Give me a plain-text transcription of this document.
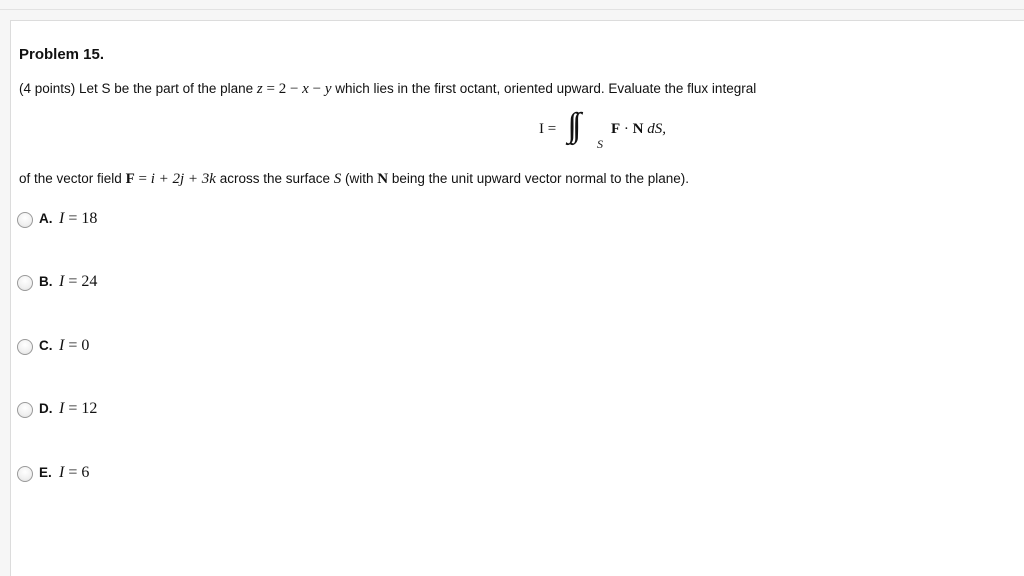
Problem 15.
(4 points) Let S be the part of the plane z = 2 − x − y which lies in the first octant, oriented upward. Evaluate the flux integral
I =
S
F · N dS,
of the vector field F = i + 2j + 3k across the surface S (with N being the unit upward vector normal to the plane).
A. I = 18
B. I = 24
C. I = 0
D. I = 12
E. I = 6
